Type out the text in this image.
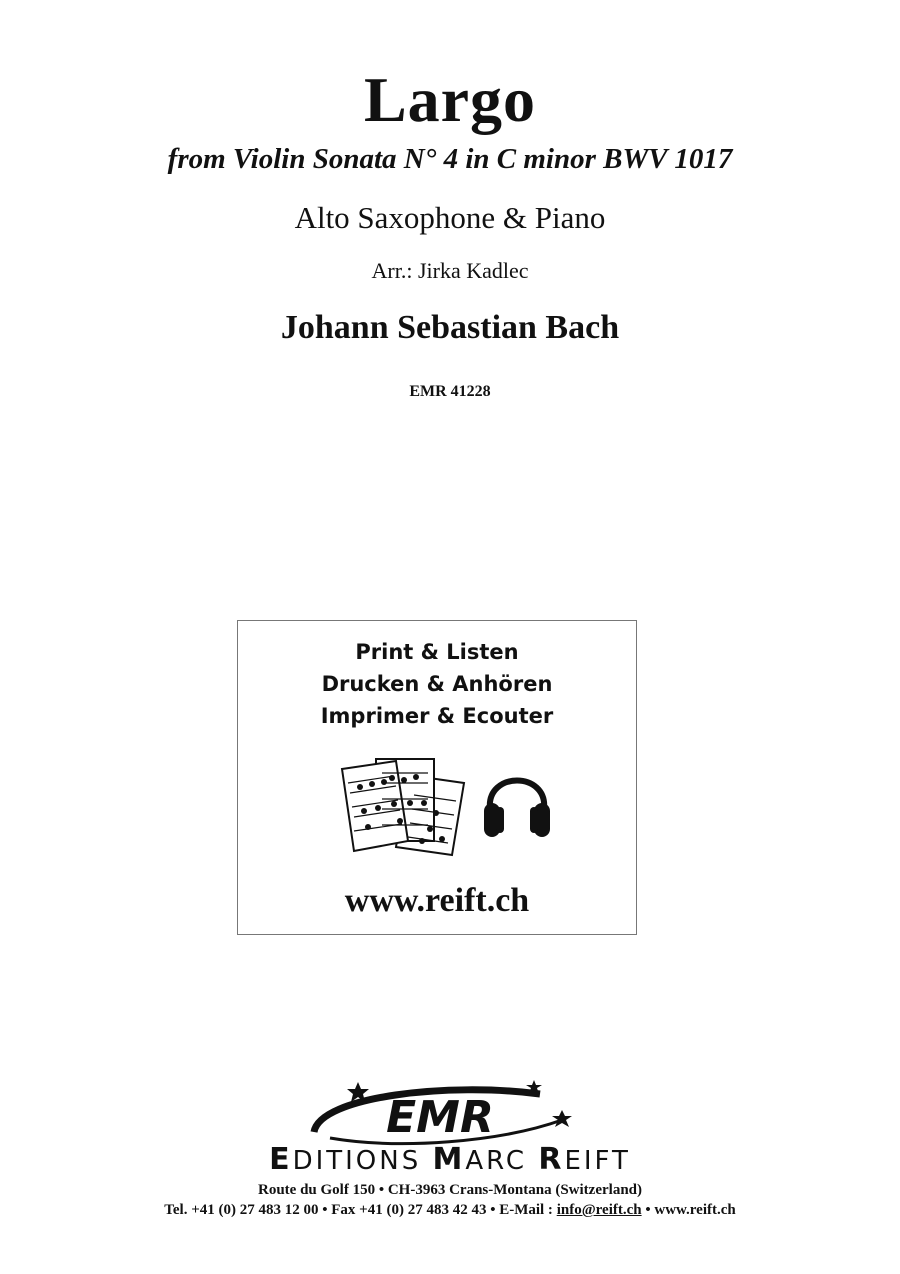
Largo
from Violin Sonata N° 4 in C minor BWV 1017
Alto Saxophone & Piano
Arr.: Jirka Kadlec
Johann Sebastian Bach
EMR 41228
Print & Listen
Drucken & Anhören
Imprimer & Ecouter
www.reift.ch
EMR
EDITIONS MARC REIFT
Route du Golf 150 • CH-3963 Crans-Montana (Switzerland)
Tel. +41 (0) 27 483 12 00 • Fax +41 (0) 27 483 42 43 • E-Mail : info@reift.ch • www.reift.ch
